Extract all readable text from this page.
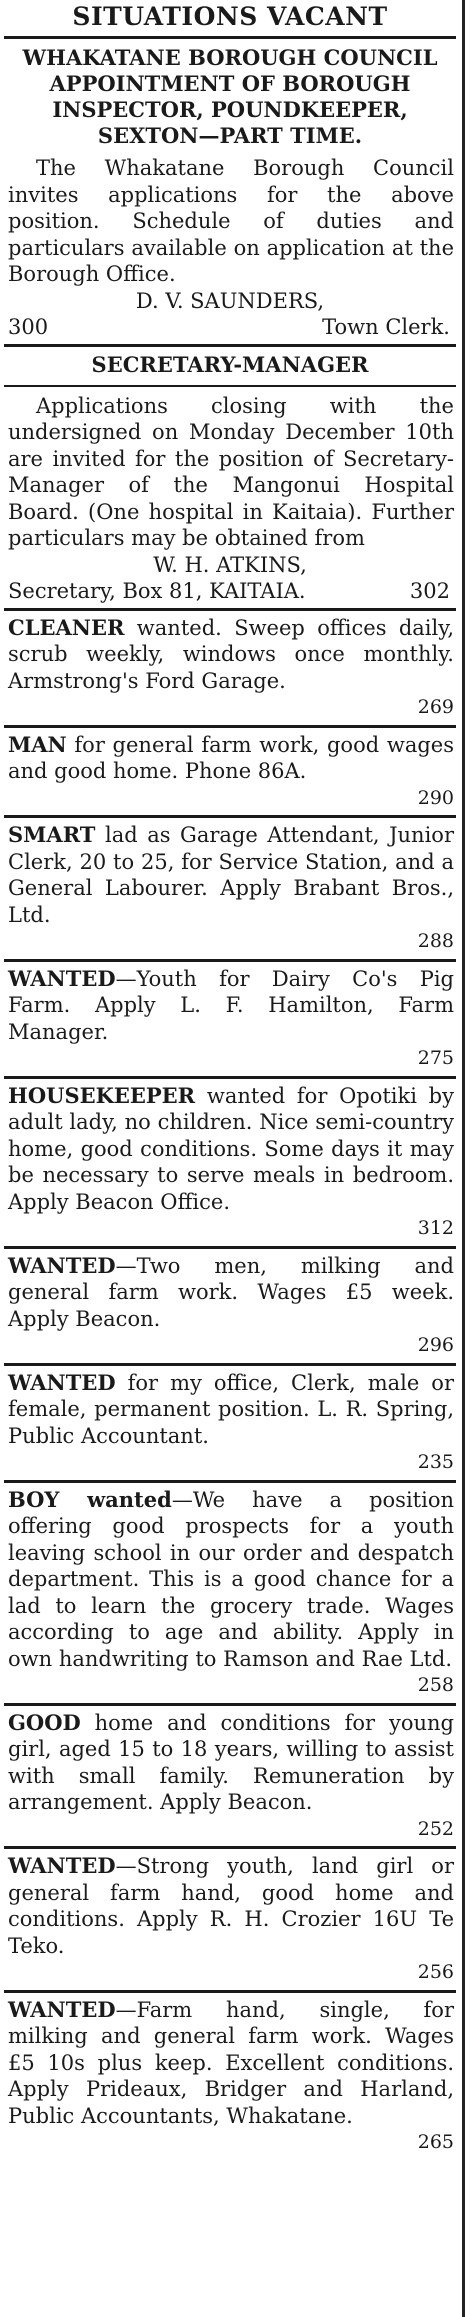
SITUATIONS VACANT
WHAKATANE BOROUGH COUNCIL APPOINTMENT OF BOROUGH INSPECTOR, POUNDKEEPER, SEXTON—PART TIME.
The Whakatane Borough Council invites applications for the above position. Schedule of duties and particulars available on application at the Borough Office.
D. V. SAUNDERS,
300	Town Clerk.
SECRETARY-MANAGER
Applications closing with the undersigned on Monday December 10th are invited for the position of Secretary-Manager of the Mangonui Hospital Board. (One hospital in Kaitaia). Further particulars may be obtained from
W. H. ATKINS,
Secretary, Box 81, KAITAIA.	302
CLEANER wanted. Sweep offices daily, scrub weekly, windows once monthly. Armstrong's Ford Garage.
269
MAN for general farm work, good wages and good home. Phone 86A.
290
SMART lad as Garage Attendant, Junior Clerk, 20 to 25, for Service Station, and a General Labourer. Apply Brabant Bros., Ltd.
288
WANTED—Youth for Dairy Co's Pig Farm. Apply L. F. Hamilton, Farm Manager.
275
HOUSEKEEPER wanted for Opotiki by adult lady, no children. Nice semi-country home, good conditions. Some days it may be necessary to serve meals in bedroom. Apply Beacon Office.
312
WANTED—Two men, milking and general farm work. Wages £5 week. Apply Beacon.
296
WANTED for my office, Clerk, male or female, permanent position. L. R. Spring, Public Accountant.
235
BOY wanted—We have a position offering good prospects for a youth leaving school in our order and despatch department. This is a good chance for a lad to learn the grocery trade. Wages according to age and ability. Apply in own handwriting to Ramson and Rae Ltd.
258
GOOD home and conditions for young girl, aged 15 to 18 years, willing to assist with small family. Remuneration by arrangement. Apply Beacon.
252
WANTED—Strong youth, land girl or general farm hand, good home and conditions. Apply R. H. Crozier 16U Te Teko.
256
WANTED—Farm hand, single, for milking and general farm work. Wages £5 10s plus keep. Excellent conditions. Apply Prideaux, Bridger and Harland, Public Accountants, Whakatane.
265
